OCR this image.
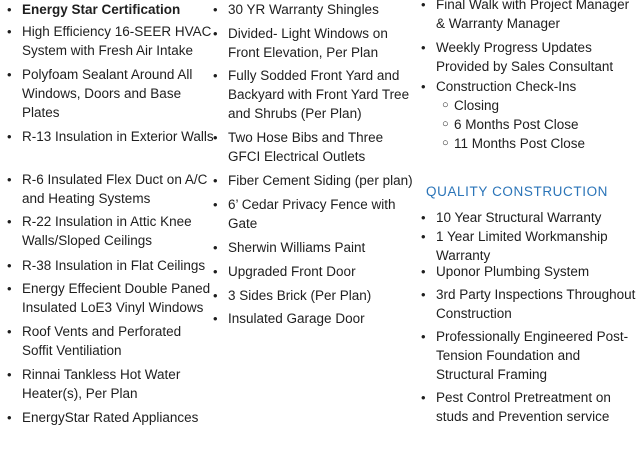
• Energy Star Certification
• High Efficiency 16-SEER HVAC System with Fresh Air Intake
• Polyfoam Sealant Around All Windows, Doors and Base Plates
• R-13 Insulation in Exterior Walls
• R-6 Insulated Flex Duct on A/C and Heating Systems
• R-22 Insulation in Attic Knee Walls/Sloped Ceilings
• R-38 Insulation in Flat Ceilings
• Energy Effecient Double Paned Insulated LoE3 Vinyl Windows
• Roof Vents and Perforated Soffit Ventiliation
• Rinnai Tankless Hot Water Heater(s), Per Plan
• EnergyStar Rated Appliances
• 30 YR Warranty Shingles
• Divided- Light Windows on Front Elevation, Per Plan
• Fully Sodded Front Yard and Backyard with Front Yard Tree and Shrubs (Per Plan)
• Two Hose Bibs and Three GFCI Electrical Outlets
• Fiber Cement Siding (per plan)
• 6’ Cedar Privacy Fence with Gate
• Sherwin Williams Paint
• Upgraded Front Door
• 3 Sides Brick (Per Plan)
• Insulated Garage Door
• Final Walk with Project Manager & Warranty Manager
• Weekly Progress Updates Provided by Sales Consultant
• Construction Check-Ins
○ Closing
○ 6 Months Post Close
○ 11 Months Post Close
QUALITY CONSTRUCTION
• 10 Year Structural Warranty
• 1 Year Limited Workmanship Warranty
• Uponor Plumbing System
• 3rd Party Inspections Throughout Construction
• Professionally Engineered Post-Tension Foundation and Structural Framing
• Pest Control Pretreatment on studs and Prevention service
